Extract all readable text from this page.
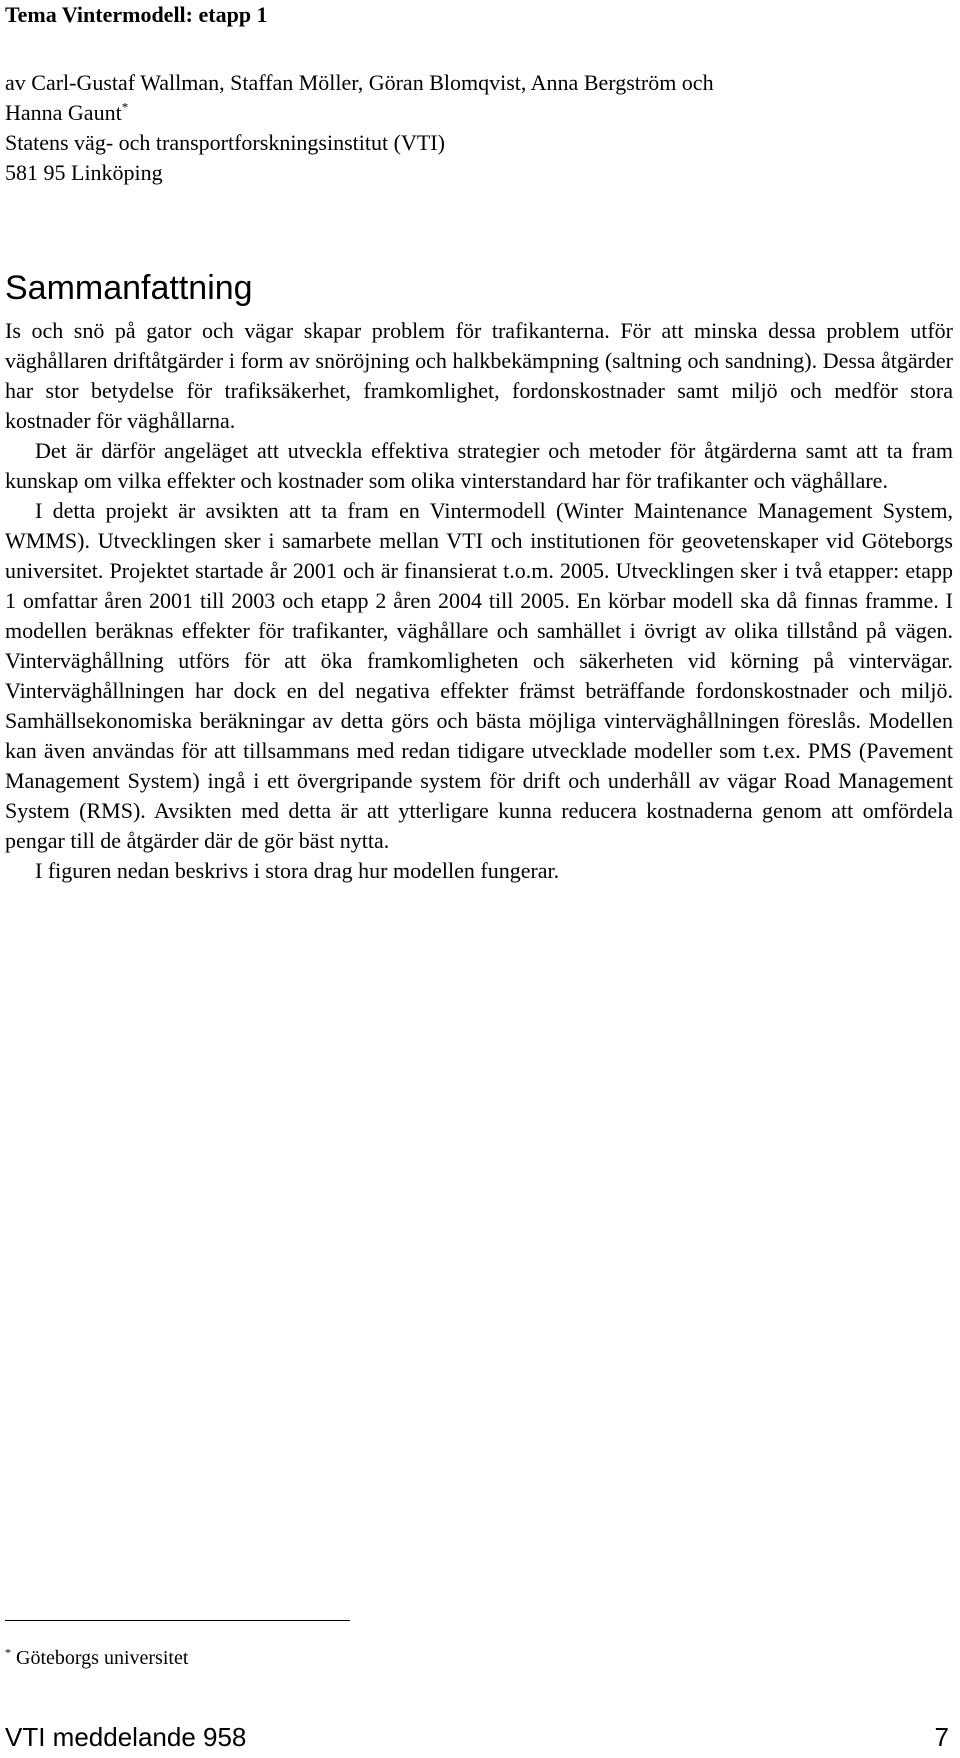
Tema Vintermodell: etapp 1
av Carl-Gustaf Wallman, Staffan Möller, Göran Blomqvist, Anna Bergström och
Hanna Gaunt*
Statens väg- och transportforskningsinstitut (VTI)
581 95 Linköping
Sammanfattning

Is och snö på gator och vägar skapar problem för trafikanterna. För att minska dessa problem utför väghållaren driftåtgärder i form av snöröjning och halkbekämpning (saltning och sandning). Dessa åtgärder har stor betydelse för trafiksäkerhet, framkomlighet, fordonskostnader samt miljö och medför stora kostnader för väghållarna.

Det är därför angeläget att utveckla effektiva strategier och metoder för åtgärderna samt att ta fram kunskap om vilka effekter och kostnader som olika vinterstandard har för trafikanter och väghållare.

I detta projekt är avsikten att ta fram en Vintermodell (Winter Maintenance Management System, WMMS). Utvecklingen sker i samarbete mellan VTI och institutionen för geovetenskaper vid Göteborgs universitet. Projektet startade år 2001 och är finansierat t.o.m. 2005. Utvecklingen sker i två etapper: etapp 1 omfattar åren 2001 till 2003 och etapp 2 åren 2004 till 2005. En körbar modell ska då finnas framme. I modellen beräknas effekter för trafikanter, väghållare och samhället i övrigt av olika tillstånd på vägen. Vinterväghållning utförs för att öka framkomligheten och säkerheten vid körning på vintervägar. Vinterväghållningen har dock en del negativa effekter främst beträffande fordonskostnader och miljö. Samhällsekonomiska beräkningar av detta görs och bästa möjliga vinterväghållningen föreslås. Modellen kan även användas för att tillsammans med redan tidigare utvecklade modeller som t.ex. PMS (Pavement Management System) ingå i ett övergripande system för drift och underhåll av vägar Road Management System (RMS). Avsikten med detta är att ytterligare kunna reducera kostnaderna genom att omfördela pengar till de åtgärder där de gör bäst nytta.

I figuren nedan beskrivs i stora drag hur modellen fungerar.

* Göteborgs universitet
VTI meddelande 958	7
